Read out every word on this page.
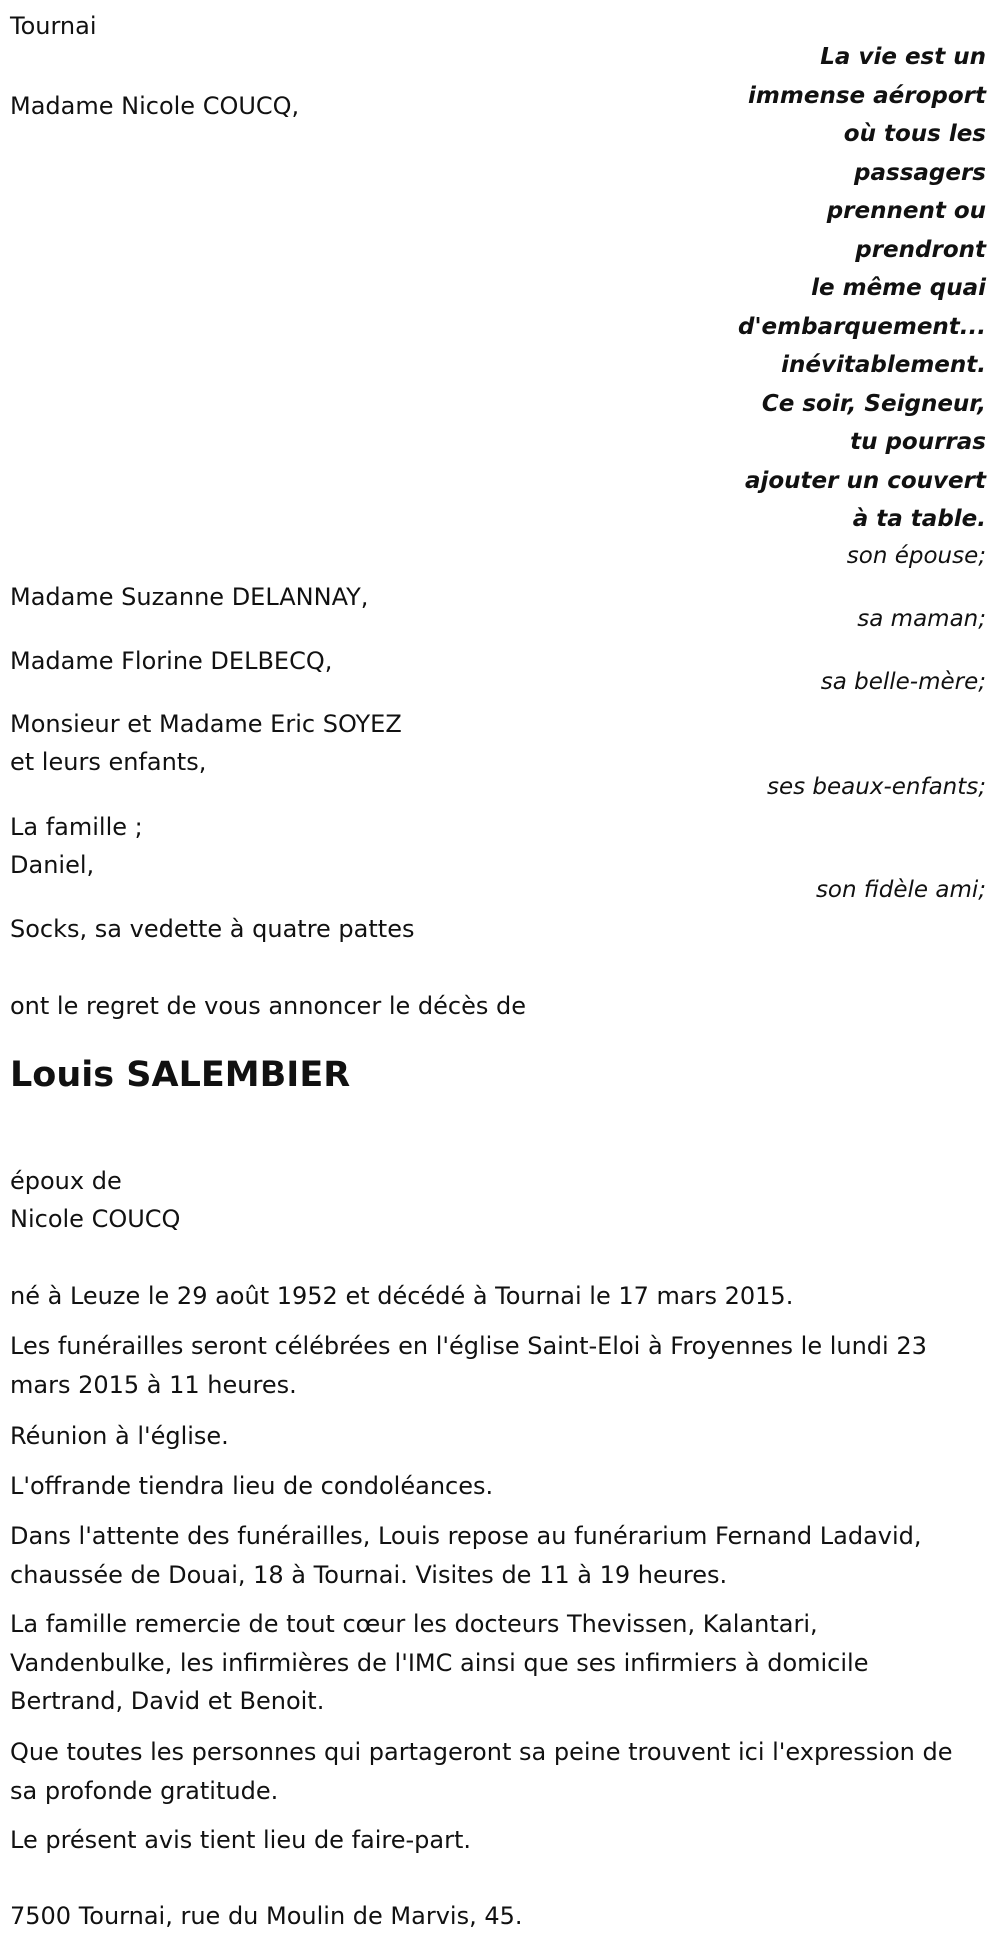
Tournai
La vie est un
immense aéroport
où tous les
passagers
prennent ou
prendront
le même quai
d'embarquement...
inévitablement.
Ce soir, Seigneur,
tu pourras
ajouter un couvert
à ta table.
Madame Nicole COUCQ,
son épouse;
Madame Suzanne DELANNAY,
sa maman;
Madame Florine DELBECQ,
sa belle-mère;
Monsieur et Madame Eric SOYEZ
et leurs enfants,
ses beaux-enfants;
La famille ;
Daniel,
son fidèle ami;
Socks, sa vedette à quatre pattes
ont le regret de vous annoncer le décès de
Louis SALEMBIER
époux de
Nicole COUCQ
né à Leuze le 29 août 1952 et décédé à Tournai le 17 mars 2015.
Les funérailles seront célébrées en l'église Saint-Eloi à Froyennes le lundi 23 mars 2015 à 11 heures.
Réunion à l'église.
L'offrande tiendra lieu de condoléances.
Dans l'attente des funérailles, Louis repose au funérarium Fernand Ladavid, chaussée de Douai, 18 à Tournai. Visites de 11 à 19 heures.
La famille remercie de tout cœur les docteurs Thevissen, Kalantari, Vandenbulke, les infirmières de l'IMC ainsi que ses infirmiers à domicile Bertrand, David et Benoit.
Que toutes les personnes qui partageront sa peine trouvent ici l'expression de sa profonde gratitude.
Le présent avis tient lieu de faire-part.
7500 Tournai, rue du Moulin de Marvis, 45.
